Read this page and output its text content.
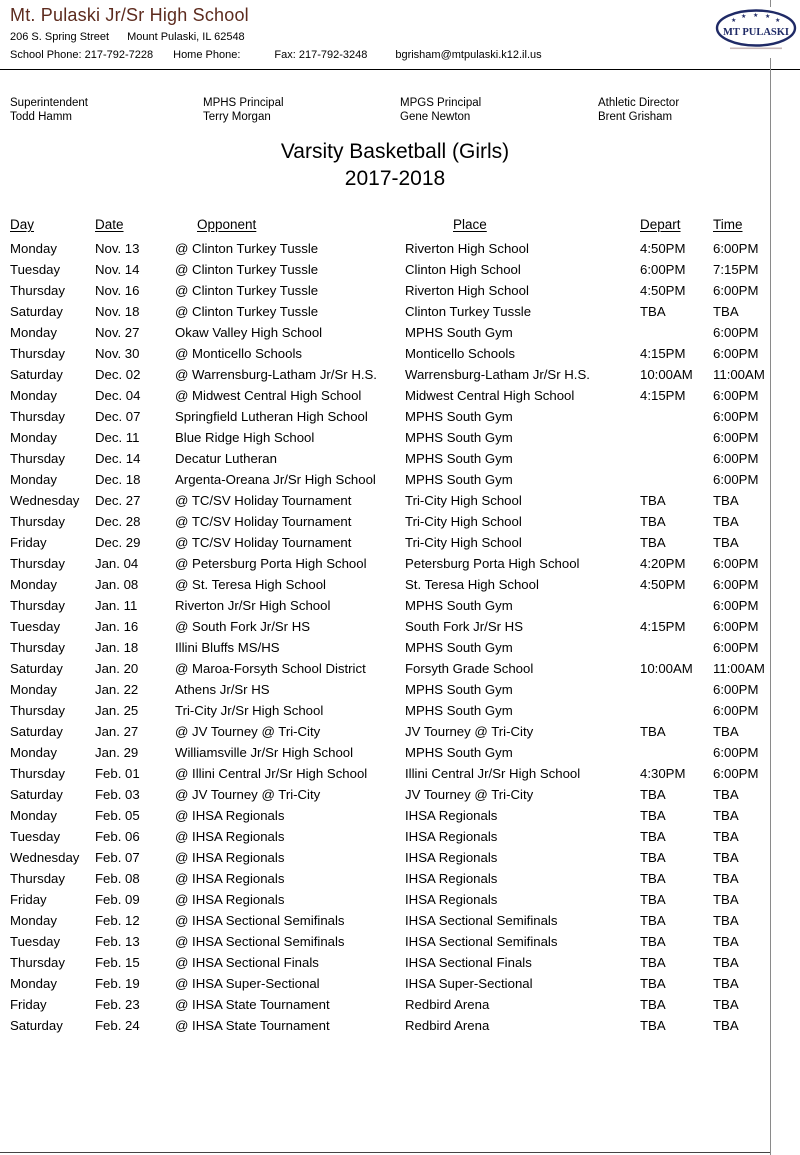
Mt. Pulaski Jr/Sr High School
206 S. Spring Street Mount Pulaski, IL 62548
School Phone: 217-792-7228 Home Phone:	Fax: 217-792-3248	bgrisham@mtpulaski.k12.il.us
★
★ ★ ★
★
MT PULASKI
Superintendent
Todd Hamm
MPHS Principal
Terry Morgan
MPGS Principal
Gene Newton
Athletic Director
Brent Grisham
Varsity Basketball (Girls)
2017-2018
Day	Date	Opponent	Place	Depart	Time
Monday	Nov. 13	@ Clinton Turkey Tussle	Riverton High School	4:50PM	6:00PM
Tuesday	Nov. 14	@ Clinton Turkey Tussle	Clinton High School	6:00PM	7:15PM
Thursday	Nov. 16	@ Clinton Turkey Tussle	Riverton High School	4:50PM	6:00PM
Saturday	Nov. 18	@ Clinton Turkey Tussle	Clinton Turkey Tussle	TBA	TBA
Monday	Nov. 27	Okaw Valley High School	MPHS South Gym		6:00PM
Thursday	Nov. 30	@ Monticello Schools	Monticello Schools	4:15PM	6:00PM
Saturday	Dec. 02	@ Warrensburg-Latham Jr/Sr H.S.	Warrensburg-Latham Jr/Sr H.S.	10:00AM	11:00AM
Monday	Dec. 04	@ Midwest Central High School	Midwest Central High School	4:15PM	6:00PM
Thursday	Dec. 07	Springfield Lutheran High School	MPHS South Gym		6:00PM
Monday	Dec. 11	Blue Ridge High School	MPHS South Gym		6:00PM
Thursday	Dec. 14	Decatur Lutheran	MPHS South Gym		6:00PM
Monday	Dec. 18	Argenta-Oreana Jr/Sr High School	MPHS South Gym		6:00PM
Wednesday	Dec. 27	@ TC/SV Holiday Tournament	Tri-City High School	TBA	TBA
Thursday	Dec. 28	@ TC/SV Holiday Tournament	Tri-City High School	TBA	TBA
Friday	Dec. 29	@ TC/SV Holiday Tournament	Tri-City High School	TBA	TBA
Thursday	Jan. 04	@ Petersburg Porta High School	Petersburg Porta High School	4:20PM	6:00PM
Monday	Jan. 08	@ St. Teresa High School	St. Teresa High School	4:50PM	6:00PM
Thursday	Jan. 11	Riverton Jr/Sr High School	MPHS South Gym		6:00PM
Tuesday	Jan. 16	@ South Fork Jr/Sr HS	South Fork Jr/Sr HS	4:15PM	6:00PM
Thursday	Jan. 18	Illini Bluffs MS/HS	MPHS South Gym		6:00PM
Saturday	Jan. 20	@ Maroa-Forsyth School District	Forsyth Grade School	10:00AM	11:00AM
Monday	Jan. 22	Athens Jr/Sr HS	MPHS South Gym		6:00PM
Thursday	Jan. 25	Tri-City Jr/Sr High School	MPHS South Gym		6:00PM
Saturday	Jan. 27	@ JV Tourney @ Tri-City	JV Tourney @ Tri-City	TBA	TBA
Monday	Jan. 29	Williamsville Jr/Sr High School	MPHS South Gym		6:00PM
Thursday	Feb. 01	@ Illini Central Jr/Sr High School	Illini Central Jr/Sr High School	4:30PM	6:00PM
Saturday	Feb. 03	@ JV Tourney @ Tri-City	JV Tourney @ Tri-City	TBA	TBA
Monday	Feb. 05	@ IHSA Regionals	IHSA Regionals	TBA	TBA
Tuesday	Feb. 06	@ IHSA Regionals	IHSA Regionals	TBA	TBA
Wednesday	Feb. 07	@ IHSA Regionals	IHSA Regionals	TBA	TBA
Thursday	Feb. 08	@ IHSA Regionals	IHSA Regionals	TBA	TBA
Friday	Feb. 09	@ IHSA Regionals	IHSA Regionals	TBA	TBA
Monday	Feb. 12	@ IHSA Sectional Semifinals	IHSA Sectional Semifinals	TBA	TBA
Tuesday	Feb. 13	@ IHSA Sectional Semifinals	IHSA Sectional Semifinals	TBA	TBA
Thursday	Feb. 15	@ IHSA Sectional Finals	IHSA Sectional Finals	TBA	TBA
Monday	Feb. 19	@ IHSA Super-Sectional	IHSA Super-Sectional	TBA	TBA
Friday	Feb. 23	@ IHSA State Tournament	Redbird Arena	TBA	TBA
Saturday	Feb. 24	@ IHSA State Tournament	Redbird Arena	TBA	TBA
